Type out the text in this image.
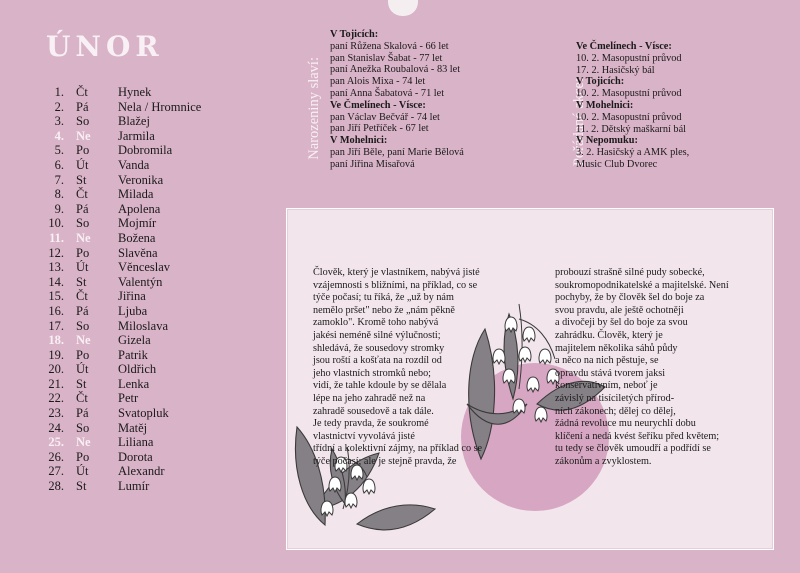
ÚNOR
1. Čt	Hynek
2. Pá	Nela / Hromnice
3. So	Blažej
4. Ne	Jarmila
5. Po	Dobromila
6. Út	Vanda
7. St	Veronika
8. Čt	Milada
9. Pá	Apolena
10. So	Mojmír
11. Ne	Božena
12. Po	Slavěna
13. Út	Věnceslav
14. St	Valentýn
15. Čt	Jiřina
16. Pá	Ljuba
17. So	Miloslava
18. Ne	Gizela
19. Po	Patrik
20. Út	Oldřich
21. St	Lenka
22. Čt	Petr
23. Pá	Svatopluk
24. So	Matěj
25. Ne	Liliana
26. Po	Dorota
27. Út	Alexandr
28. St	Lumír
Narozeniny slaví:
V Tojicích:
paní Růžena Skalová - 66 let
pan Stanislav Šabat - 77 let
paní Anežka Roubalová - 83 let
pan Alois Mixa - 74 let
paní Anna Šabatová - 71 let
Ve Čmelínech - Vísce:
pan Václav Bečvář - 74 let
pan Jiří Petříček - 67 let
V Mohelnici:
pan Jiří Běle, paní Marie Bělová
paní Jiřina Misařová	Pořádané akce:
Ve Čmelínech - Vísce:
10. 2. Masopustní průvod
17. 2. Hasičský bál
V Tojicích:
10. 2. Masopustní průvod
V Mohelnici:
10. 2. Masopustní průvod
11. 2. Dětský maškarní bál
V Nepomuku:
3. 2. Hasičský a AMK ples,
Music Club Dvorec
Člověk, který je vlastníkem, nabývá jisté
vzájemnosti s bližními, na příklad, co se
týče počasí; tu říká, že „už by nám
nemělo pršet" nebo že „nám pěkně
zamoklo". Kromě toho nabývá
jakési neméně silné výlučnosti;
shledává, že sousedovy stromky
jsou roští a košťata na rozdíl od
jeho vlastních stromků nebo;
vidí, že tahle kdoule by se dělala
lépe na jeho zahradě než na
zahradě sousedově a tak dále.
Je tedy pravda, že soukromé
vlastnictví vyvolává jisté
třídní a kolektivní zájmy, na příklad co se
týče počasí; ale je stejně pravda, že
probouzí strašně silné pudy sobecké,
soukromopodnikatelské a majitelské. Není
pochyby, že by člověk šel do boje za
svou pravdu, ale ještě ochotněji
a divočeji by šel do boje za svou
zahrádku. Člověk, který je
majitelem několika sáhů půdy
a něco na nich pěstuje, se
opravdu stává tvorem jaksi
konservativním, neboť je
závislý na tisíciletých přírod-
ních zákonech; dělej co dělej,
žádná revoluce mu neurychlí dobu
klíčení a nedá kvést šeříku před květem;
tu tedy se člověk umoudří a podřídí se
zákonům a zvyklostem.
